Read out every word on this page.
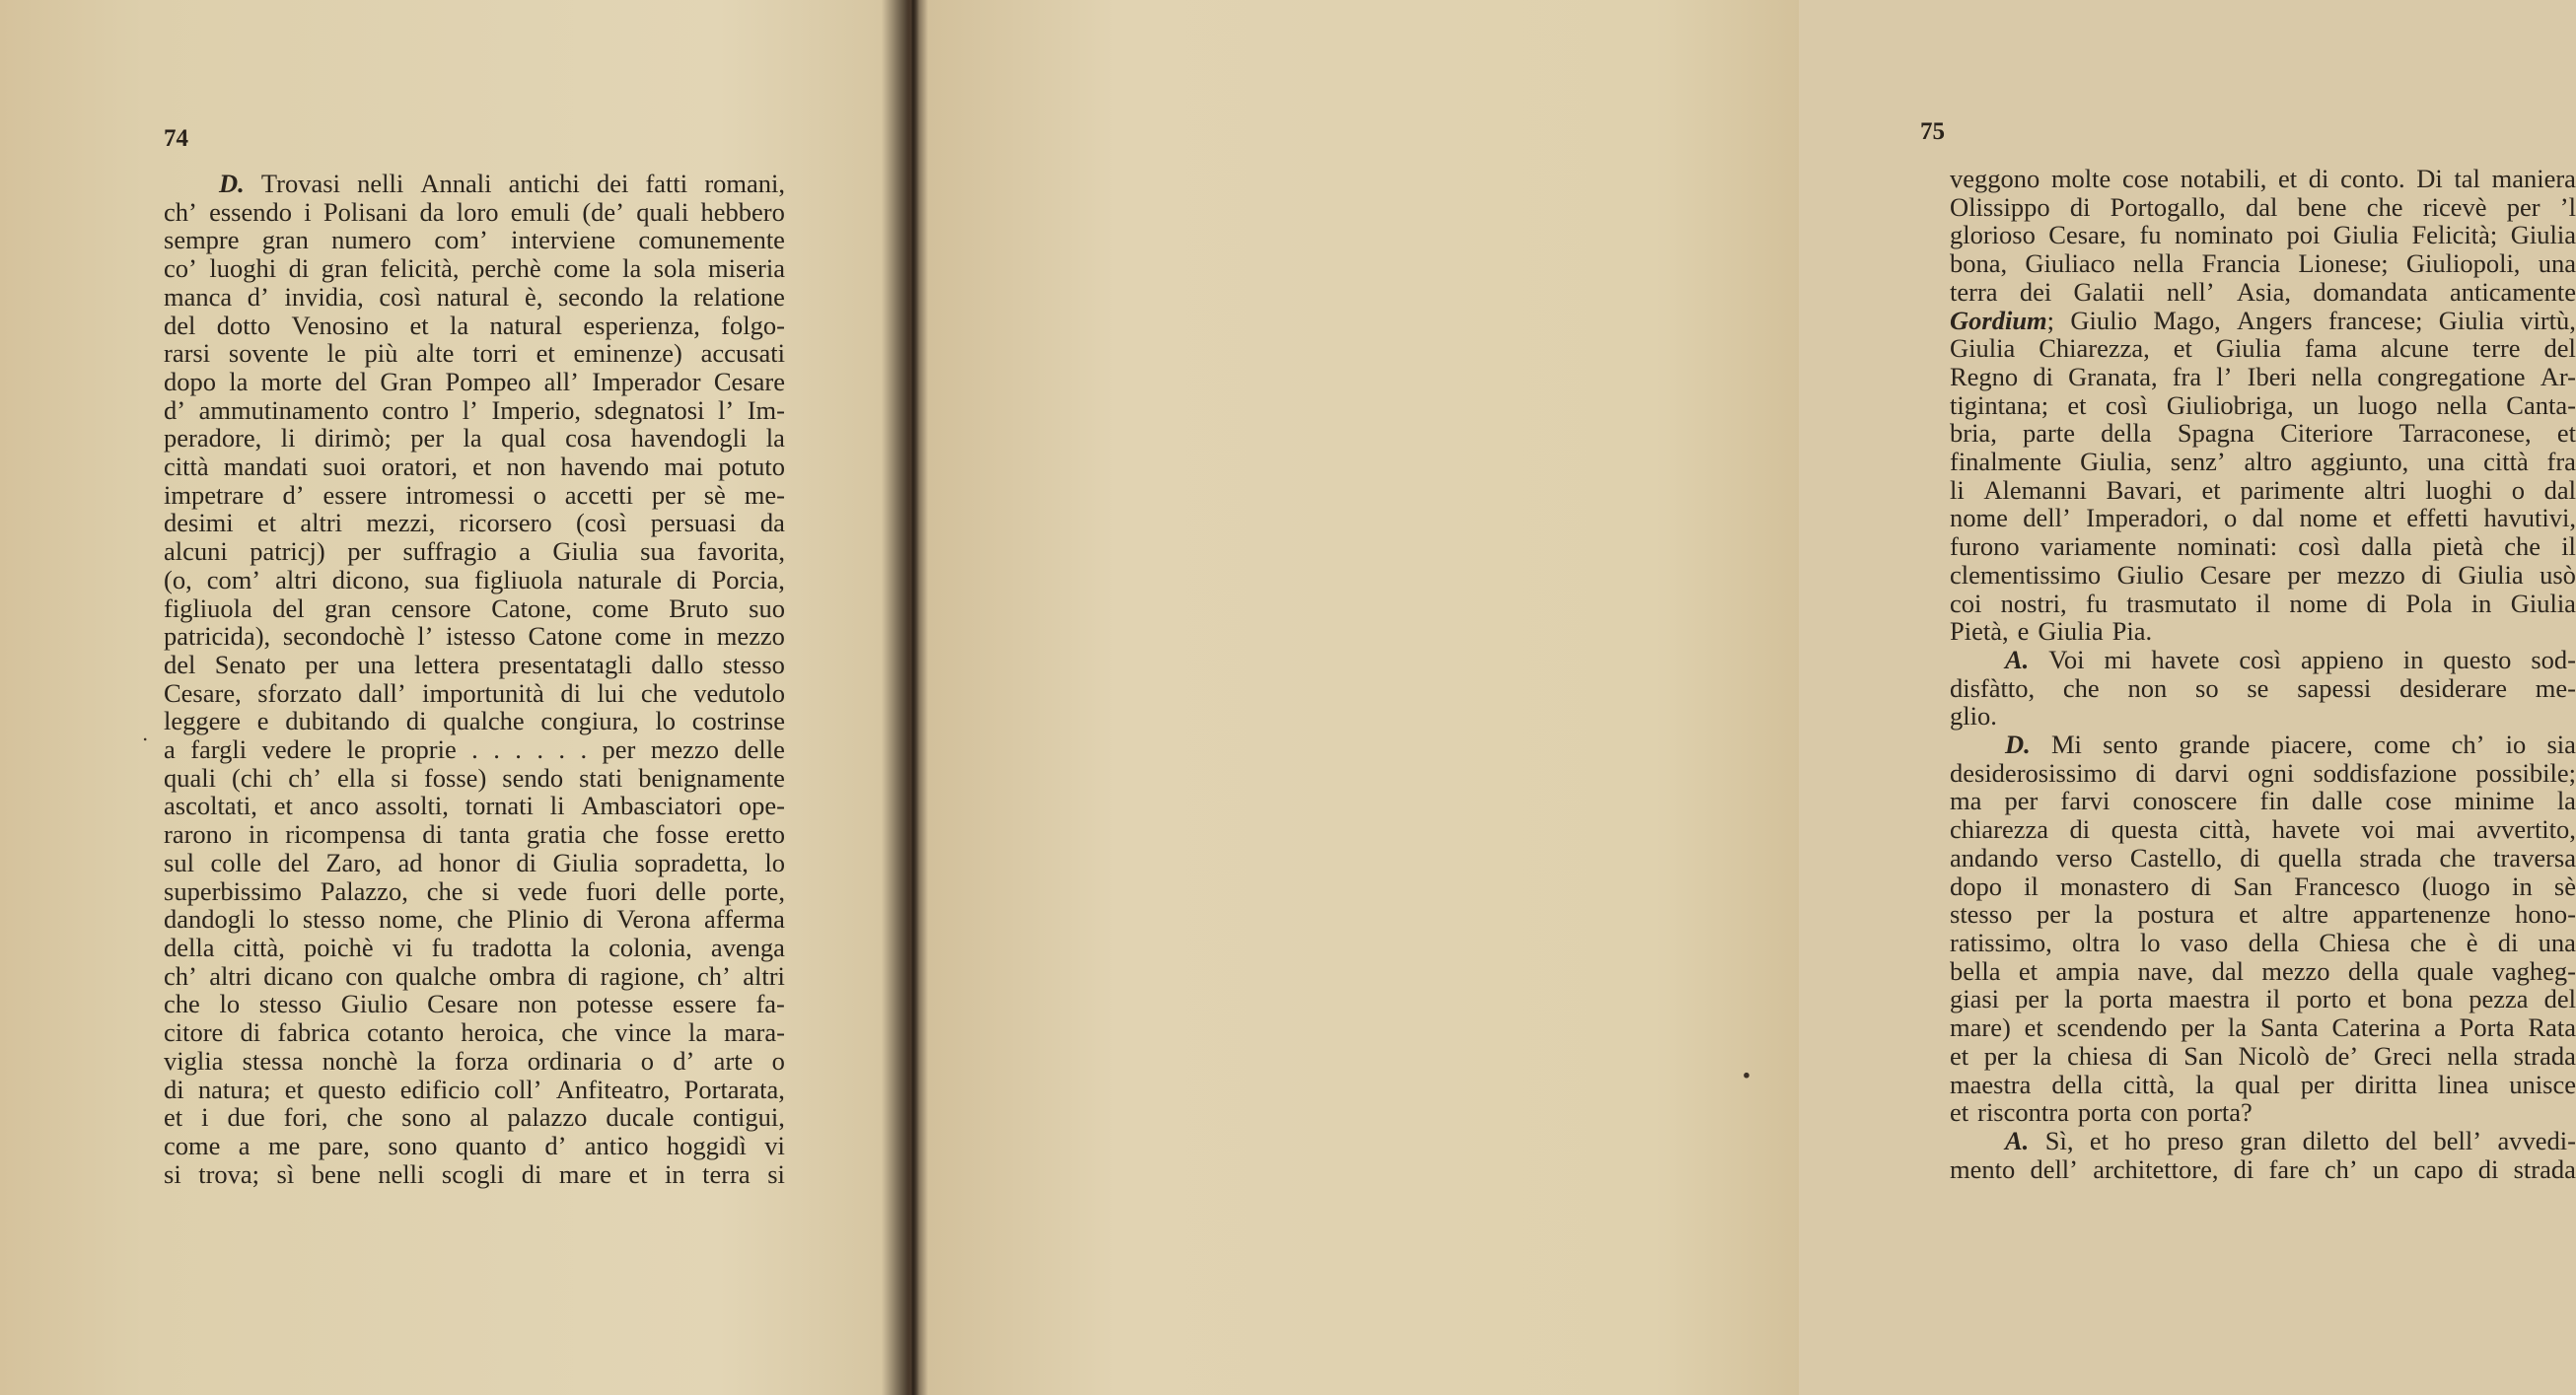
74
D. Trovasi nelli Annali antichi dei fatti romani,
ch’ essendo i Polisani da loro emuli (de’ quali hebbero
sempre gran numero com’ interviene comunemente
co’ luoghi di gran felicità, perchè come la sola miseria
manca d’ invidia, così natural è, secondo la relatione
del dotto Venosino et la natural esperienza, folgo-
rarsi sovente le più alte torri et eminenze) accusati
dopo la morte del Gran Pompeo all’ Imperador Cesare
d’ ammutinamento contro l’ Imperio, sdegnatosi l’ Im-
peradore, li dirimò; per la qual cosa havendogli la
città mandati suoi oratori, et non havendo mai potuto
impetrare d’ essere intromessi o accetti per sè me-
desimi et altri mezzi, ricorsero (così persuasi da
alcuni patricj) per suffragio a Giulia sua favorita,
(o, com’ altri dicono, sua figliuola naturale di Porcia,
figliuola del gran censore Catone, come Bruto suo
patricida), secondochè l’ istesso Catone come in mezzo
del Senato per una lettera presentatagli dallo stesso
Cesare, sforzato dall’ importunità di lui che vedutolo
leggere e dubitando di qualche congiura, lo costrinse
a fargli vedere le proprie . . . . . . per mezzo delle
quali (chi ch’ ella si fosse) sendo stati benignamente
ascoltati, et anco assolti, tornati li Ambasciatori ope-
rarono in ricompensa di tanta gratia che fosse eretto
sul colle del Zaro, ad honor di Giulia sopradetta, lo
superbissimo Palazzo, che si vede fuori delle porte,
dandogli lo stesso nome, che Plinio di Verona afferma
della città, poichè vi fu tradotta la colonia, avenga
ch’ altri dicano con qualche ombra di ragione, ch’ altri
che lo stesso Giulio Cesare non potesse essere fa-
citore di fabrica cotanto heroica, che vince la mara-
viglia stessa nonchè la forza ordinaria o d’ arte o
di natura; et questo edificio coll’ Anfiteatro, Portarata,
et i due fori, che sono al palazzo ducale contigui,
come a me pare, sono quanto d’ antico hoggidì vi
si trova; sì bene nelli scogli di mare et in terra si
75
veggono molte cose notabili, et di conto. Di tal maniera
Olissippo di Portogallo, dal bene che ricevè per ’l
glorioso Cesare, fu nominato poi Giulia Felicità; Giulia
bona, Giuliaco nella Francia Lionese; Giuliopoli, una
terra dei Galatii nell’ Asia, domandata anticamente
Gordium; Giulio Mago, Angers francese; Giulia virtù,
Giulia Chiarezza, et Giulia fama alcune terre del
Regno di Granata, fra l’ Iberi nella congregatione Ar-
tigintana; et così Giuliobriga, un luogo nella Canta-
bria, parte della Spagna Citeriore Tarraconese, et
finalmente Giulia, senz’ altro aggiunto, una città fra
li Alemanni Bavari, et parimente altri luoghi o dal
nome dell’ Imperadori, o dal nome et effetti havutivi,
furono variamente nominati: così dalla pietà che il
clementissimo Giulio Cesare per mezzo di Giulia usò
coi nostri, fu trasmutato il nome di Pola in Giulia
Pietà, e Giulia Pia.
A. Voi mi havete così appieno in questo sod-
disfàtto, che non so se sapessi desiderare me-
glio.
D. Mi sento grande piacere, come ch’ io sia
desiderosissimo di darvi ogni soddisfazione possibile;
ma per farvi conoscere fin dalle cose minime la
chiarezza di questa città, havete voi mai avvertito,
andando verso Castello, di quella strada che traversa
dopo il monastero di San Francesco (luogo in sè
stesso per la postura et altre appartenenze hono-
ratissimo, oltra lo vaso della Chiesa che è di una
bella et ampia nave, dal mezzo della quale vagheg-
giasi per la porta maestra il porto et bona pezza del
mare) et scendendo per la Santa Caterina a Porta Rata
et per la chiesa di San Nicolò de’ Greci nella strada
maestra della città, la qual per diritta linea unisce
et riscontra porta con porta?
A. Sì, et ho preso gran diletto del bell’ avvedi-
mento dell’ architettore, di fare ch’ un capo di strada
.
∙
